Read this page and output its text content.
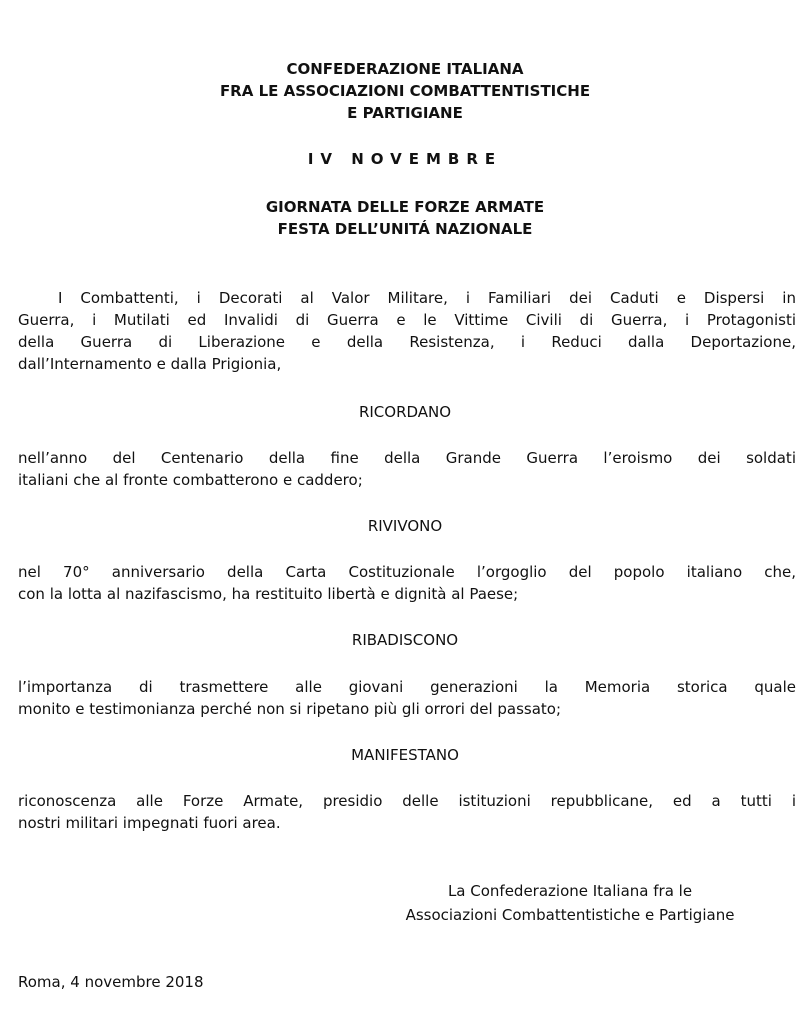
CONFEDERAZIONE ITALIANA
FRA LE ASSOCIAZIONI COMBATTENTISTICHE
E PARTIGIANE
IV NOVEMBRE
GIORNATA DELLE FORZE ARMATE
FESTA DELL’UNITÁ NAZIONALE
I Combattenti, i Decorati al Valor Militare, i Familiari dei Caduti e Dispersi in
Guerra, i Mutilati ed Invalidi di Guerra e le Vittime Civili di Guerra, i Protagonisti
della Guerra di Liberazione e della Resistenza, i Reduci dalla Deportazione,
dall’Internamento e dalla Prigionia,
RICORDANO
nell’anno del Centenario della fine della Grande Guerra l’eroismo dei soldati
italiani che al fronte combatterono e caddero;
RIVIVONO
nel 70° anniversario della Carta Costituzionale l’orgoglio del popolo italiano che,
con la lotta al nazifascismo, ha restituito libertà e dignità al Paese;
RIBADISCONO
l’importanza di trasmettere alle giovani generazioni la Memoria storica quale
monito e testimonianza perché non si ripetano più gli orrori del passato;
MANIFESTANO
riconoscenza alle Forze Armate, presidio delle istituzioni repubblicane, ed a tutti i
nostri militari impegnati fuori area.
La Confederazione Italiana fra le
Associazioni Combattentistiche e Partigiane
Roma, 4 novembre 2018
